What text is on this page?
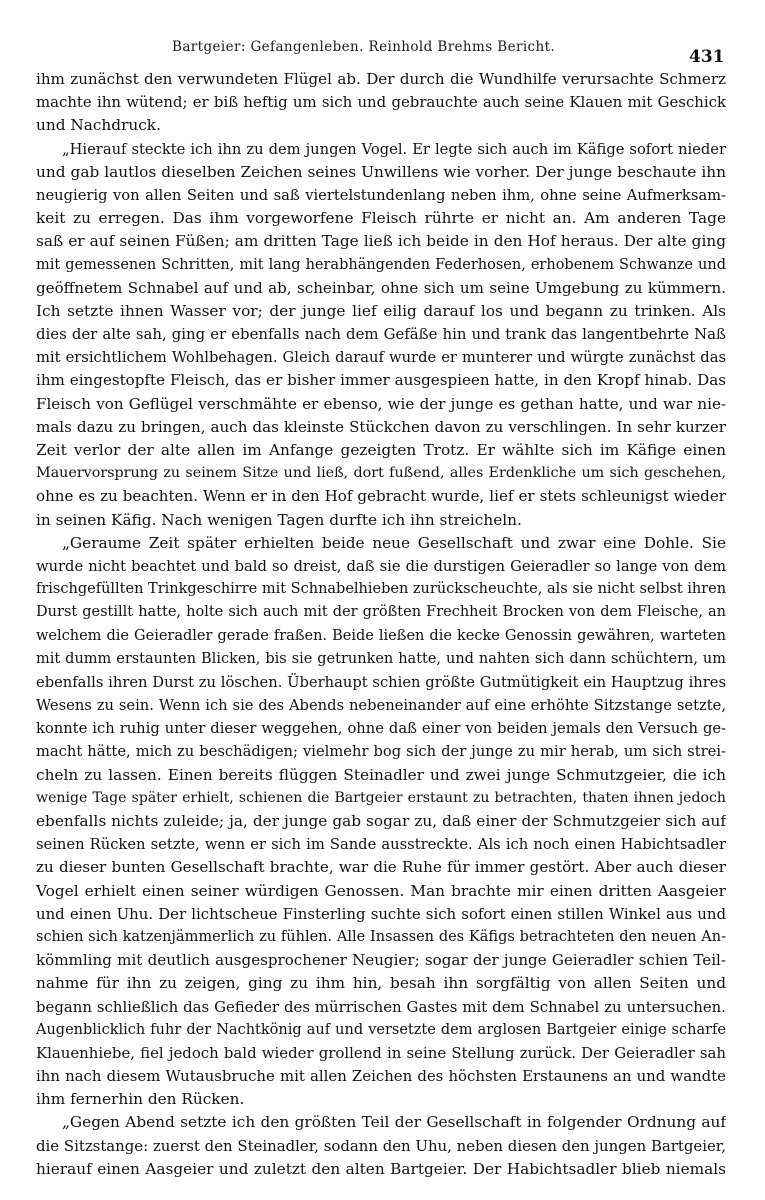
Bartgeier: Gefangenleben. Reinhold Brehms Bericht.	431
ihm zunächst den verwundeten Flügel ab. Der durch die Wundhilfe verursachte Schmerz
machte ihn wütend; er biß heftig um sich und gebrauchte auch seine Klauen mit Geschick
und Nachdruck.
„Hierauf steckte ich ihn zu dem jungen Vogel. Er legte sich auch im Käfige sofort nieder
und gab lautlos dieselben Zeichen seines Unwillens wie vorher. Der junge beschaute ihn
neugierig von allen Seiten und saß viertelstundenlang neben ihm, ohne seine Aufmerksam-
keit zu erregen. Das ihm vorgeworfene Fleisch rührte er nicht an. Am anderen Tage
saß er auf seinen Füßen; am dritten Tage ließ ich beide in den Hof heraus. Der alte ging
mit gemessenen Schritten, mit lang herabhängenden Federhosen, erhobenem Schwanze und
geöffnetem Schnabel auf und ab, scheinbar, ohne sich um seine Umgebung zu kümmern.
Ich setzte ihnen Wasser vor; der junge lief eilig darauf los und begann zu trinken. Als
dies der alte sah, ging er ebenfalls nach dem Gefäße hin und trank das langentbehrte Naß
mit ersichtlichem Wohlbehagen. Gleich darauf wurde er munterer und würgte zunächst das
ihm eingestopfte Fleisch, das er bisher immer ausgespieen hatte, in den Kropf hinab. Das
Fleisch von Geflügel verschmähte er ebenso, wie der junge es gethan hatte, und war nie-
mals dazu zu bringen, auch das kleinste Stückchen davon zu verschlingen. In sehr kurzer
Zeit verlor der alte allen im Anfange gezeigten Trotz. Er wählte sich im Käfige einen
Mauervorsprung zu seinem Sitze und ließ, dort fußend, alles Erdenkliche um sich geschehen,
ohne es zu beachten. Wenn er in den Hof gebracht wurde, lief er stets schleunigst wieder
in seinen Käfig. Nach wenigen Tagen durfte ich ihn streicheln.
„Geraume Zeit später erhielten beide neue Gesellschaft und zwar eine Dohle. Sie
wurde nicht beachtet und bald so dreist, daß sie die durstigen Geieradler so lange von dem
frischgefüllten Trinkgeschirre mit Schnabelhieben zurückscheuchte, als sie nicht selbst ihren
Durst gestillt hatte, holte sich auch mit der größten Frechheit Brocken von dem Fleische, an
welchem die Geieradler gerade fraßen. Beide ließen die kecke Genossin gewähren, warteten
mit dumm erstaunten Blicken, bis sie getrunken hatte, und nahten sich dann schüchtern, um
ebenfalls ihren Durst zu löschen. Überhaupt schien größte Gutmütigkeit ein Hauptzug ihres
Wesens zu sein. Wenn ich sie des Abends nebeneinander auf eine erhöhte Sitzstange setzte,
konnte ich ruhig unter dieser weggehen, ohne daß einer von beiden jemals den Versuch ge-
macht hätte, mich zu beschädigen; vielmehr bog sich der junge zu mir herab, um sich strei-
cheln zu lassen. Einen bereits flüggen Steinadler und zwei junge Schmutzgeier, die ich
wenige Tage später erhielt, schienen die Bartgeier erstaunt zu betrachten, thaten ihnen jedoch
ebenfalls nichts zuleide; ja, der junge gab sogar zu, daß einer der Schmutzgeier sich auf
seinen Rücken setzte, wenn er sich im Sande ausstreckte. Als ich noch einen Habichtsadler
zu dieser bunten Gesellschaft brachte, war die Ruhe für immer gestört. Aber auch dieser
Vogel erhielt einen seiner würdigen Genossen. Man brachte mir einen dritten Aasgeier
und einen Uhu. Der lichtscheue Finsterling suchte sich sofort einen stillen Winkel aus und
schien sich katzenjämmerlich zu fühlen. Alle Insassen des Käfigs betrachteten den neuen An-
kömmling mit deutlich ausgesprochener Neugier; sogar der junge Geieradler schien Teil-
nahme für ihn zu zeigen, ging zu ihm hin, besah ihn sorgfältig von allen Seiten und
begann schließlich das Gefieder des mürrischen Gastes mit dem Schnabel zu untersuchen.
Augenblicklich fuhr der Nachtkönig auf und versetzte dem arglosen Bartgeier einige scharfe
Klauenhiebe, fiel jedoch bald wieder grollend in seine Stellung zurück. Der Geieradler sah
ihn nach diesem Wutausbruche mit allen Zeichen des höchsten Erstaunens an und wandte
ihm fernerhin den Rücken.
„Gegen Abend setzte ich den größten Teil der Gesellschaft in folgender Ordnung auf
die Sitzstange: zuerst den Steinadler, sodann den Uhu, neben diesen den jungen Bartgeier,
hierauf einen Aasgeier und zuletzt den alten Bartgeier. Der Habichtsadler blieb niemals
